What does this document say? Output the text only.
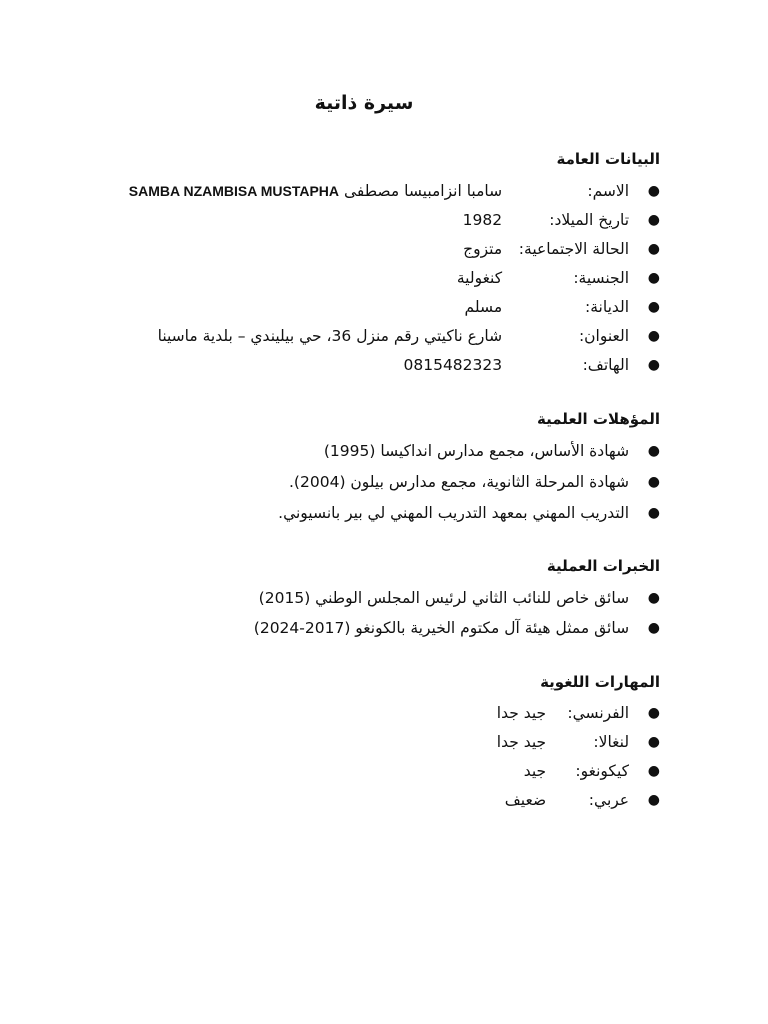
سيرة ذاتية
البيانات العامة
● الاسم: سامبا انزامبيسا مصطفى SAMBA NZAMBISA MUSTAPHA
● تاريخ الميلاد: 1982
● الحالة الاجتماعية: متزوج
● الجنسية: كنغولية
● الديانة: مسلم
● العنوان: شارع ناكيتي رقم منزل 36، حي بيليندي – بلدية ماسينا
● الهاتف: 0815482323
المؤهلات العلمية
● شهادة الأساس، مجمع مدارس انداكيسا (1995)
● شهادة المرحلة الثانوية، مجمع مدارس بيلون (2004).
● التدريب المهني بمعهد التدريب المهني لي بير بانسيوني.
الخبرات العملية
● سائق خاص للنائب الثاني لرئيس المجلس الوطني (2015)
● سائق ممثل هيئة آل مكتوم الخيرية بالكونغو (2017-2024)
المهارات اللغوية
● الفرنسي: جيد جدا
● لنغالا: جيد جدا
● كيكونغو: جيد
● عربي: ضعيف
